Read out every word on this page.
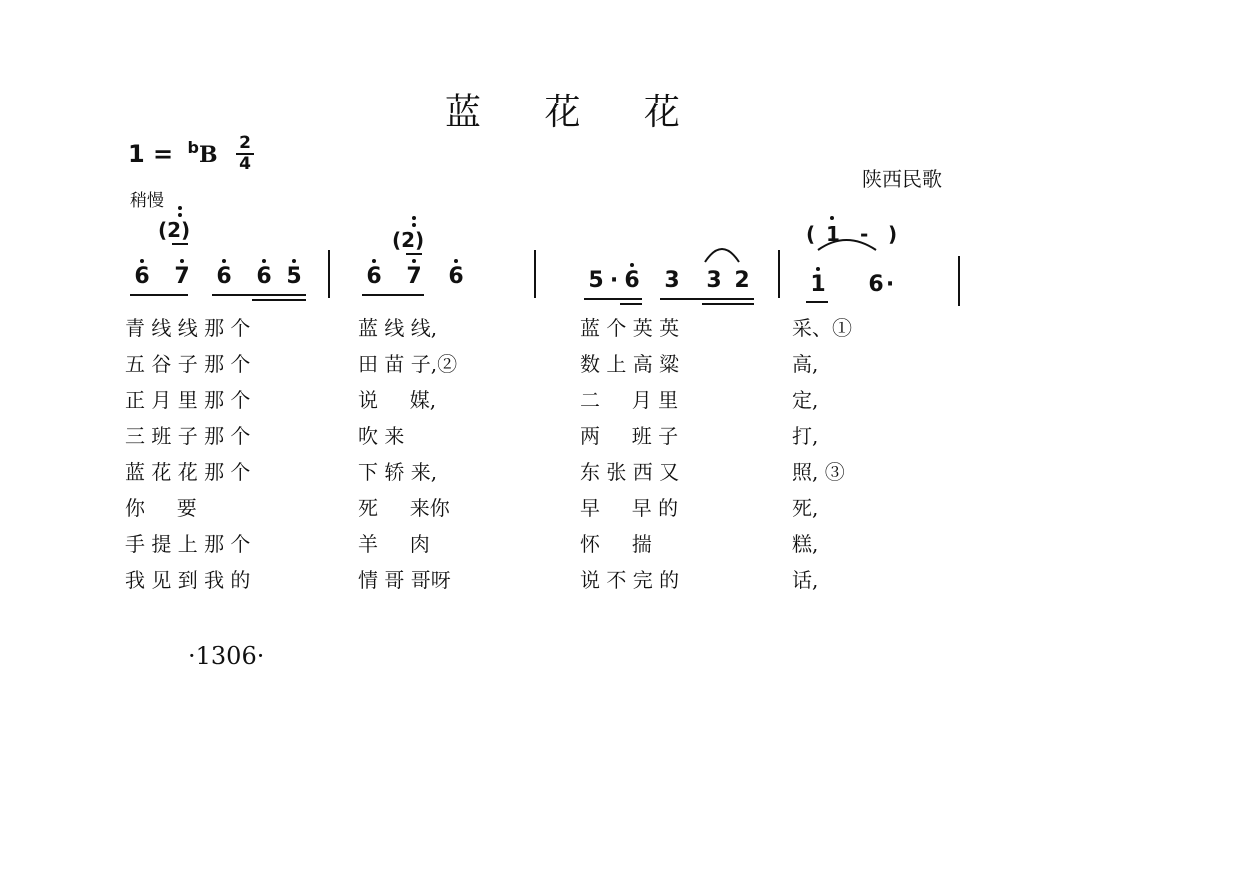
蓝 花 花
1 = $^b$B 2
4
陕西民歌
稍慢
(2)	(2)	( 1 - )
6 7 6 6 5	6 7 6	5 · 6 3 3 2	1 6 ·
青 线 线 那 个	蓝 线 线,	蓝 个 英 英	采、①
五 谷 子 那 个	田 苗 子,②	数 上 高 粱	高,
正 月 里 那 个	说     媒,	二     月 里	定,
三 班 子 那 个	吹 来	两     班 子	打,
蓝 花 花 那 个	下 轿 来,	东 张 西 又	照, ③
你     要	死     来你	早     早 的	死,
手 提 上 那 个	羊     肉	怀     揣	糕,
我 见 到 我 的	情 哥 哥呀	说 不 完 的	话,
·1306·
